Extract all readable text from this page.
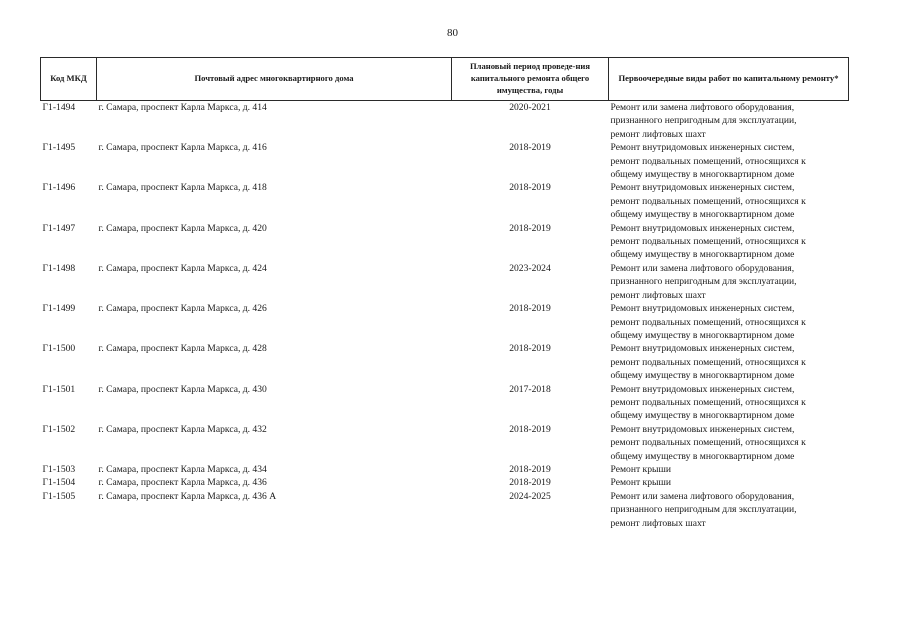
80
Код МКД	Почтовый адрес многоквартирного дома	Плановый период проведе-ния капитального ремонта общего имущества, годы	Первоочередные виды работ по капитальному ремонту*
Г1-1494	г. Самара, проспект Карла Маркса, д. 414	2020-2021	Ремонт или замена лифтового оборудования,
признанного непригодным для эксплуатации,
ремонт лифтовых шахт

Г1-1495	г. Самара, проспект Карла Маркса, д. 416	2018-2019	Ремонт внутридомовых инженерных систем,
ремонт подвальных помещений, относящихся к
общему имуществу в многоквартирном доме

Г1-1496	г. Самара, проспект Карла Маркса, д. 418	2018-2019	Ремонт внутридомовых инженерных систем,
ремонт подвальных помещений, относящихся к
общему имуществу в многоквартирном доме

Г1-1497	г. Самара, проспект Карла Маркса, д. 420	2018-2019	Ремонт внутридомовых инженерных систем,
ремонт подвальных помещений, относящихся к
общему имуществу в многоквартирном доме

Г1-1498	г. Самара, проспект Карла Маркса, д. 424	2023-2024	Ремонт или замена лифтового оборудования,
признанного непригодным для эксплуатации,
ремонт лифтовых шахт

Г1-1499	г. Самара, проспект Карла Маркса, д. 426	2018-2019	Ремонт внутридомовых инженерных систем,
ремонт подвальных помещений, относящихся к
общему имуществу в многоквартирном доме

Г1-1500	г. Самара, проспект Карла Маркса, д. 428	2018-2019	Ремонт внутридомовых инженерных систем,
ремонт подвальных помещений, относящихся к
общему имуществу в многоквартирном доме

Г1-1501	г. Самара, проспект Карла Маркса, д. 430	2017-2018	Ремонт внутридомовых инженерных систем,
ремонт подвальных помещений, относящихся к
общему имуществу в многоквартирном доме

Г1-1502	г. Самара, проспект Карла Маркса, д. 432	2018-2019	Ремонт внутридомовых инженерных систем,
ремонт подвальных помещений, относящихся к
общему имуществу в многоквартирном доме

Г1-1503	г. Самара, проспект Карла Маркса, д. 434	2018-2019	Ремонт крыши

Г1-1504	г. Самара, проспект Карла Маркса, д. 436	2018-2019	Ремонт крыши

Г1-1505	г. Самара, проспект Карла Маркса, д. 436 А	2024-2025	Ремонт или замена лифтового оборудования,
признанного непригодным для эксплуатации,
ремонт лифтовых шахт
